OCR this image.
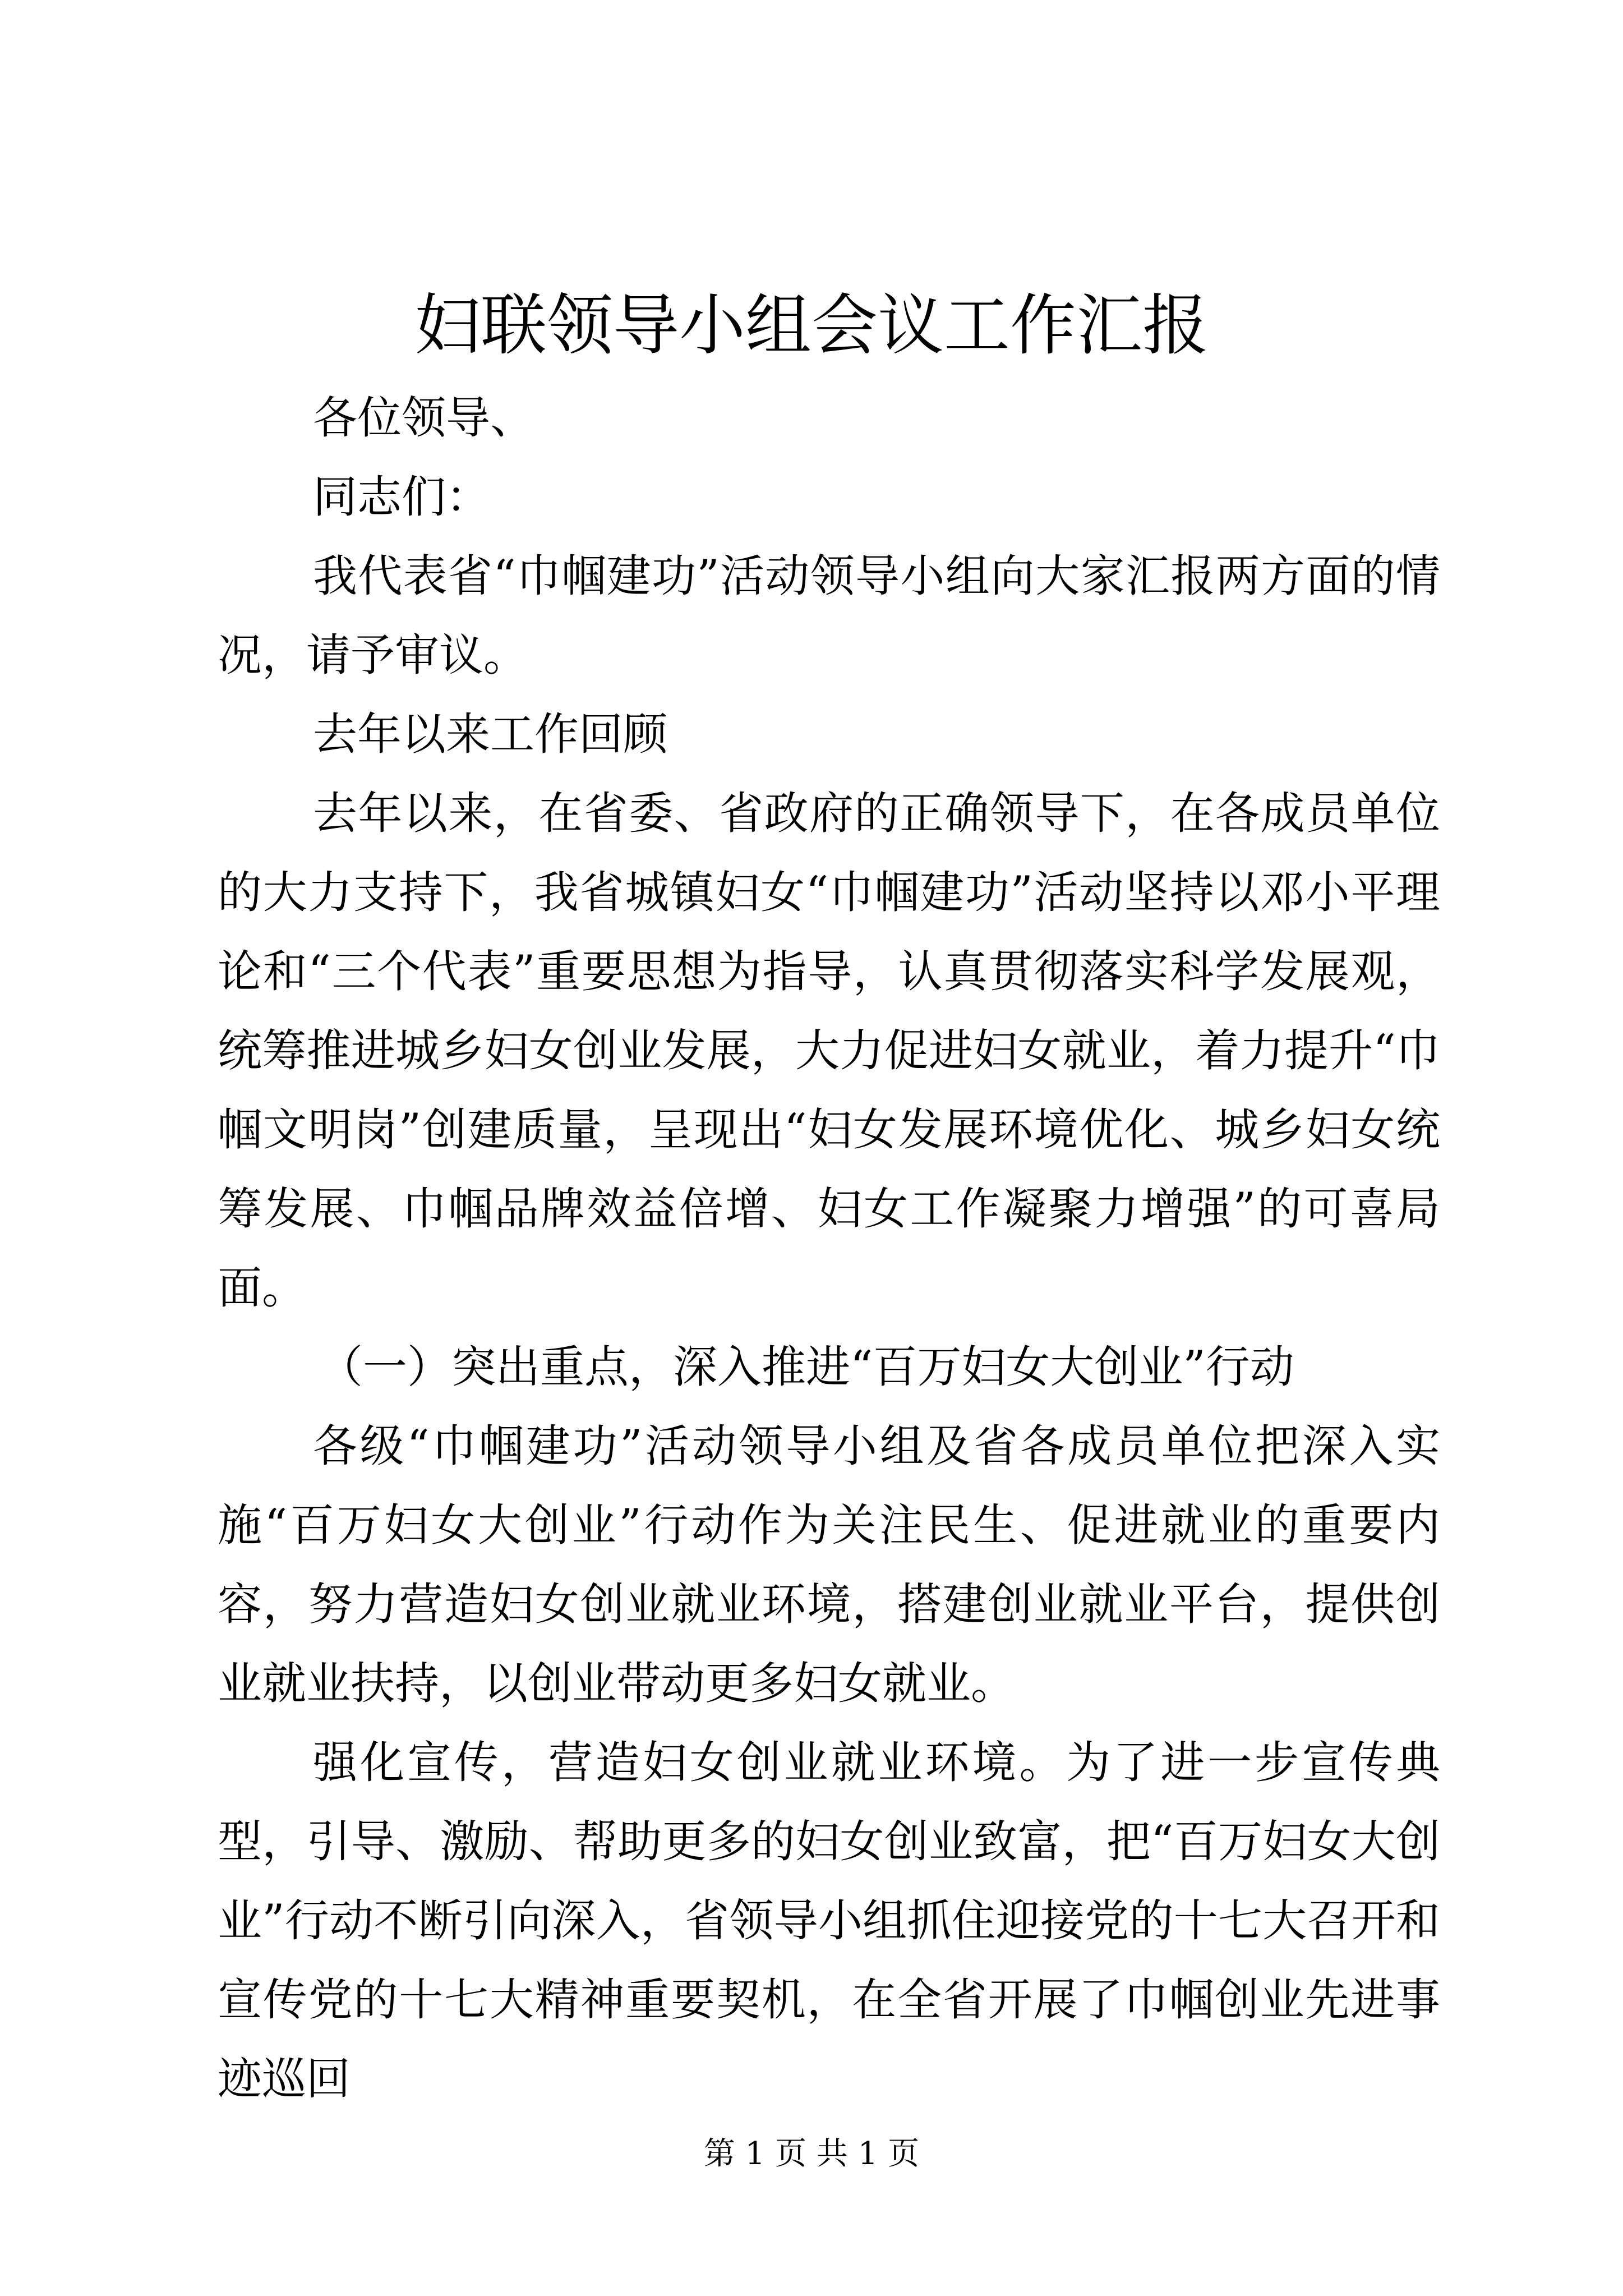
妇联领导小组会议工作汇报

各位领导、

同志们：

我代表省“巾帼建功”活动领导小组向大家汇报两方面的情况，请予审议。

去年以来工作回顾

去年以来，在省委、省政府的正确领导下，在各成员单位的大力支持下，我省城镇妇女“巾帼建功”活动坚持以邓小平理论和“三个代表”重要思想为指导，认真贯彻落实科学发展观，统筹推进城乡妇女创业发展，大力促进妇女就业，着力提升“巾帼文明岗”创建质量，呈现出“妇女发展环境优化、城乡妇女统筹发展、巾帼品牌效益倍增、妇女工作凝聚力增强”的可喜局面。

（一）突出重点，深入推进“百万妇女大创业”行动

各级“巾帼建功”活动领导小组及省各成员单位把深入实施“百万妇女大创业”行动作为关注民生、促进就业的重要内容，努力营造妇女创业就业环境，搭建创业就业平台，提供创业就业扶持，以创业带动更多妇女就业。

强化宣传，营造妇女创业就业环境。为了进一步宣传典型，引导、激励、帮助更多的妇女创业致富，把“百万妇女大创业”行动不断引向深入，省领导小组抓住迎接党的十七大召开和宣传党的十七大精神重要契机，在全省开展了巾帼创业先进事迹巡回

第 1 页 共 1 页
